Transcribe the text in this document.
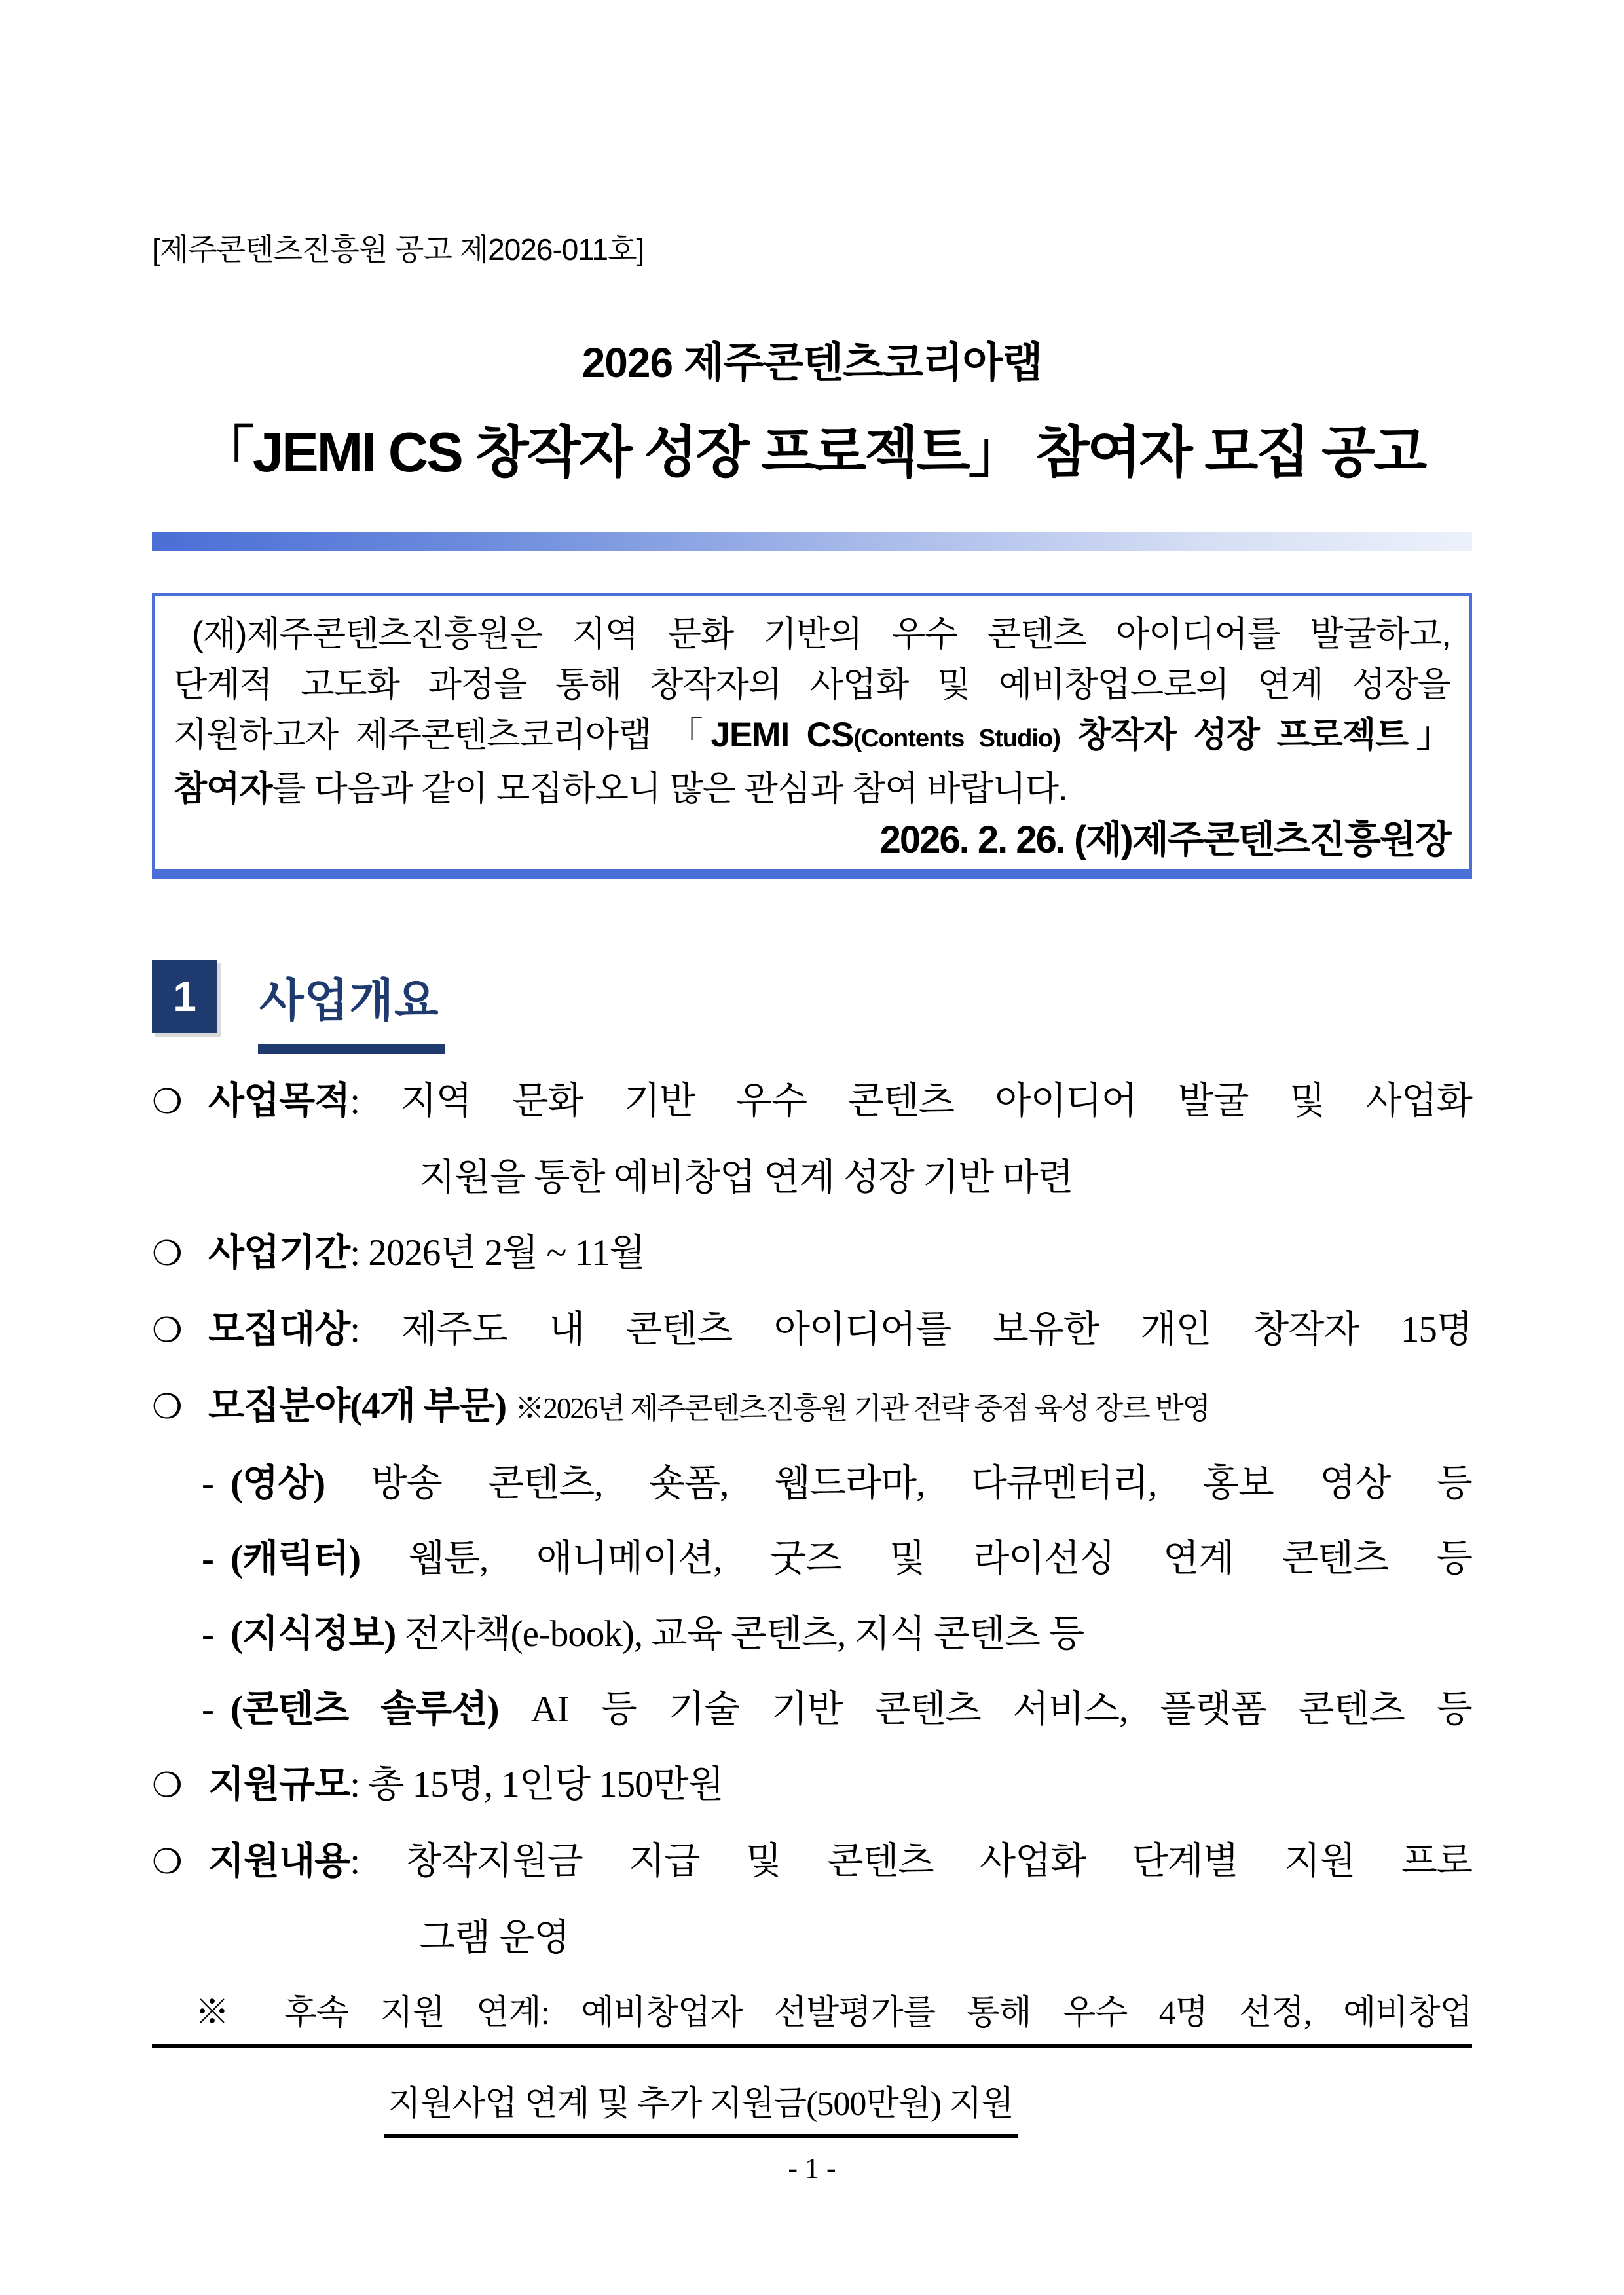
[제주콘텐츠진흥원 공고 제2026-011호]
2026 제주콘텐츠코리아랩
「JEMI CS 창작자 성장 프로젝트」 참여자 모집 공고
(재)제주콘텐츠진흥원은 지역 문화 기반의 우수 콘텐츠 아이디어를 발굴하고,
단계적 고도화 과정을 통해 창작자의 사업화 및 예비창업으로의 연계 성장을
지원하고자 제주콘텐츠코리아랩 「JEMI CS(Contents Studio) 창작자 성장 프로젝트」
참여자를 다음과 같이 모집하오니 많은 관심과 참여 바랍니다.
2026. 2. 26. (재)제주콘텐츠진흥원장
1	사업개요
❍ 사업목적: 지역 문화 기반 우수 콘텐츠 아이디어 발굴 및 사업화
지원을 통한 예비창업 연계 성장 기반 마련
❍ 사업기간: 2026년 2월 ~ 11월
❍ 모집대상: 제주도 내 콘텐츠 아이디어를 보유한 개인 창작자 15명
❍ 모집분야(4개 부문) ※2026년 제주콘텐츠진흥원 기관 전략 중점 육성 장르 반영
- (영상) 방송 콘텐츠, 숏폼, 웹드라마, 다큐멘터리, 홍보 영상 등
- (캐릭터) 웹툰, 애니메이션, 굿즈 및 라이선싱 연계 콘텐츠 등
- (지식정보) 전자책(e-book), 교육 콘텐츠, 지식 콘텐츠 등
- (콘텐츠 솔루션) AI 등 기술 기반 콘텐츠 서비스, 플랫폼 콘텐츠 등
❍ 지원규모: 총 15명, 1인당 150만원
❍ 지원내용: 창작지원금 지급 및 콘텐츠 사업화 단계별 지원 프로
그램 운영
※ 후속 지원 연계: 예비창업자 선발평가를 통해 우수 4명 선정, 예비창업
지원사업 연계 및 추가 지원금(500만원) 지원
- 1 -
